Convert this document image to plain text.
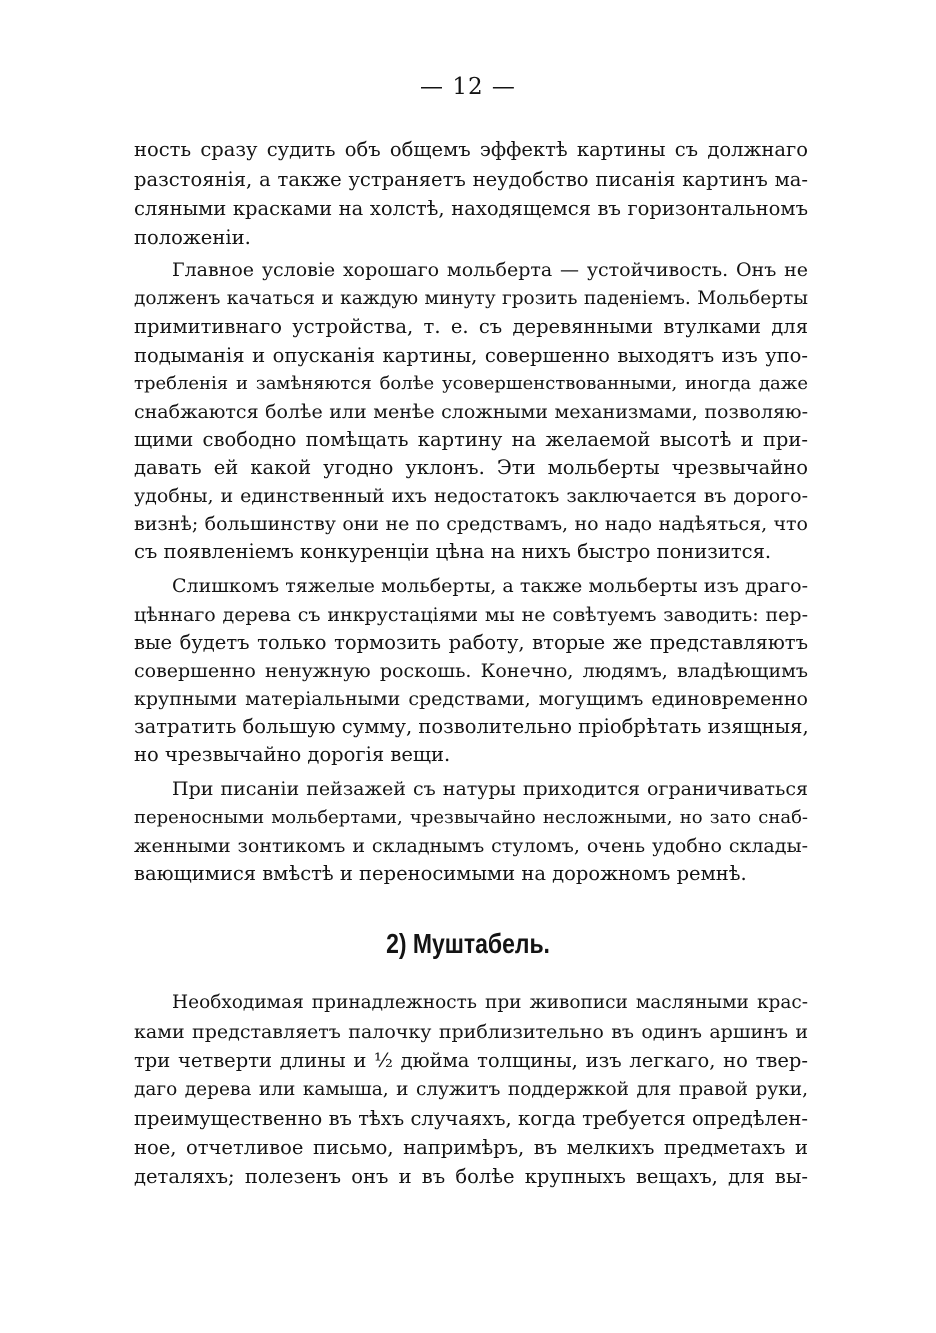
— 12 —
ность сразу судить объ общемъ эффектѣ картины съ должнаго
разстоянія, а также устраняетъ неудобство писанія картинъ ма-
сляными красками на холстѣ, находящемся въ горизонтальномъ
положеніи.
Главное условіе хорошаго мольберта — устойчивость. Онъ не
долженъ качаться и каждую минуту грозить паденіемъ. Мольберты
примитивнаго устройства, т. е. съ деревянными втулками для
подыманія и опусканія картины, совершенно выходятъ изъ упо-
требленія и замѣняются болѣе усовершенствованными, иногда даже
снабжаются болѣе или менѣе сложными механизмами, позволяю-
щими свободно помѣщать картину на желаемой высотѣ и при-
давать ей какой угодно уклонъ. Эти мольберты чрезвычайно
удобны, и единственный ихъ недостатокъ заключается въ дорого-
визнѣ; большинству они не по средствамъ, но надо надѣяться, что
съ появленіемъ конкуренціи цѣна на нихъ быстро понизится.
Слишкомъ тяжелые мольберты, а также мольберты изъ драго-
цѣннаго дерева съ инкрустаціями мы не совѣтуемъ заводить: пер-
вые будетъ только тормозить работу, вторые же представляютъ
совершенно ненужную роскошь. Конечно, людямъ, владѣющимъ
крупными матеріальными средствами, могущимъ единовременно
затратить большую сумму, позволительно пріобрѣтать изящныя,
но чрезвычайно дорогія вещи.
При писаніи пейзажей съ натуры приходится ограничиваться
переносными мольбертами, чрезвычайно несложными, но зато снаб-
женными зонтикомъ и складнымъ стуломъ, очень удобно склады-
вающимися вмѣстѣ и переносимыми на дорожномъ ремнѣ.
2) Муштабель.
Необходимая принадлежность при живописи масляными крас-
ками представляетъ палочку приблизительно въ одинъ аршинъ и
три четверти длины и ½ дюйма толщины, изъ легкаго, но твер-
даго дерева или камыша, и служитъ поддержкой для правой руки,
преимущественно въ тѣхъ случаяхъ, когда требуется опредѣлен-
ное, отчетливое письмо, напримѣръ, въ мелкихъ предметахъ и
деталяхъ; полезенъ онъ и въ болѣе крупныхъ вещахъ, для вы-
